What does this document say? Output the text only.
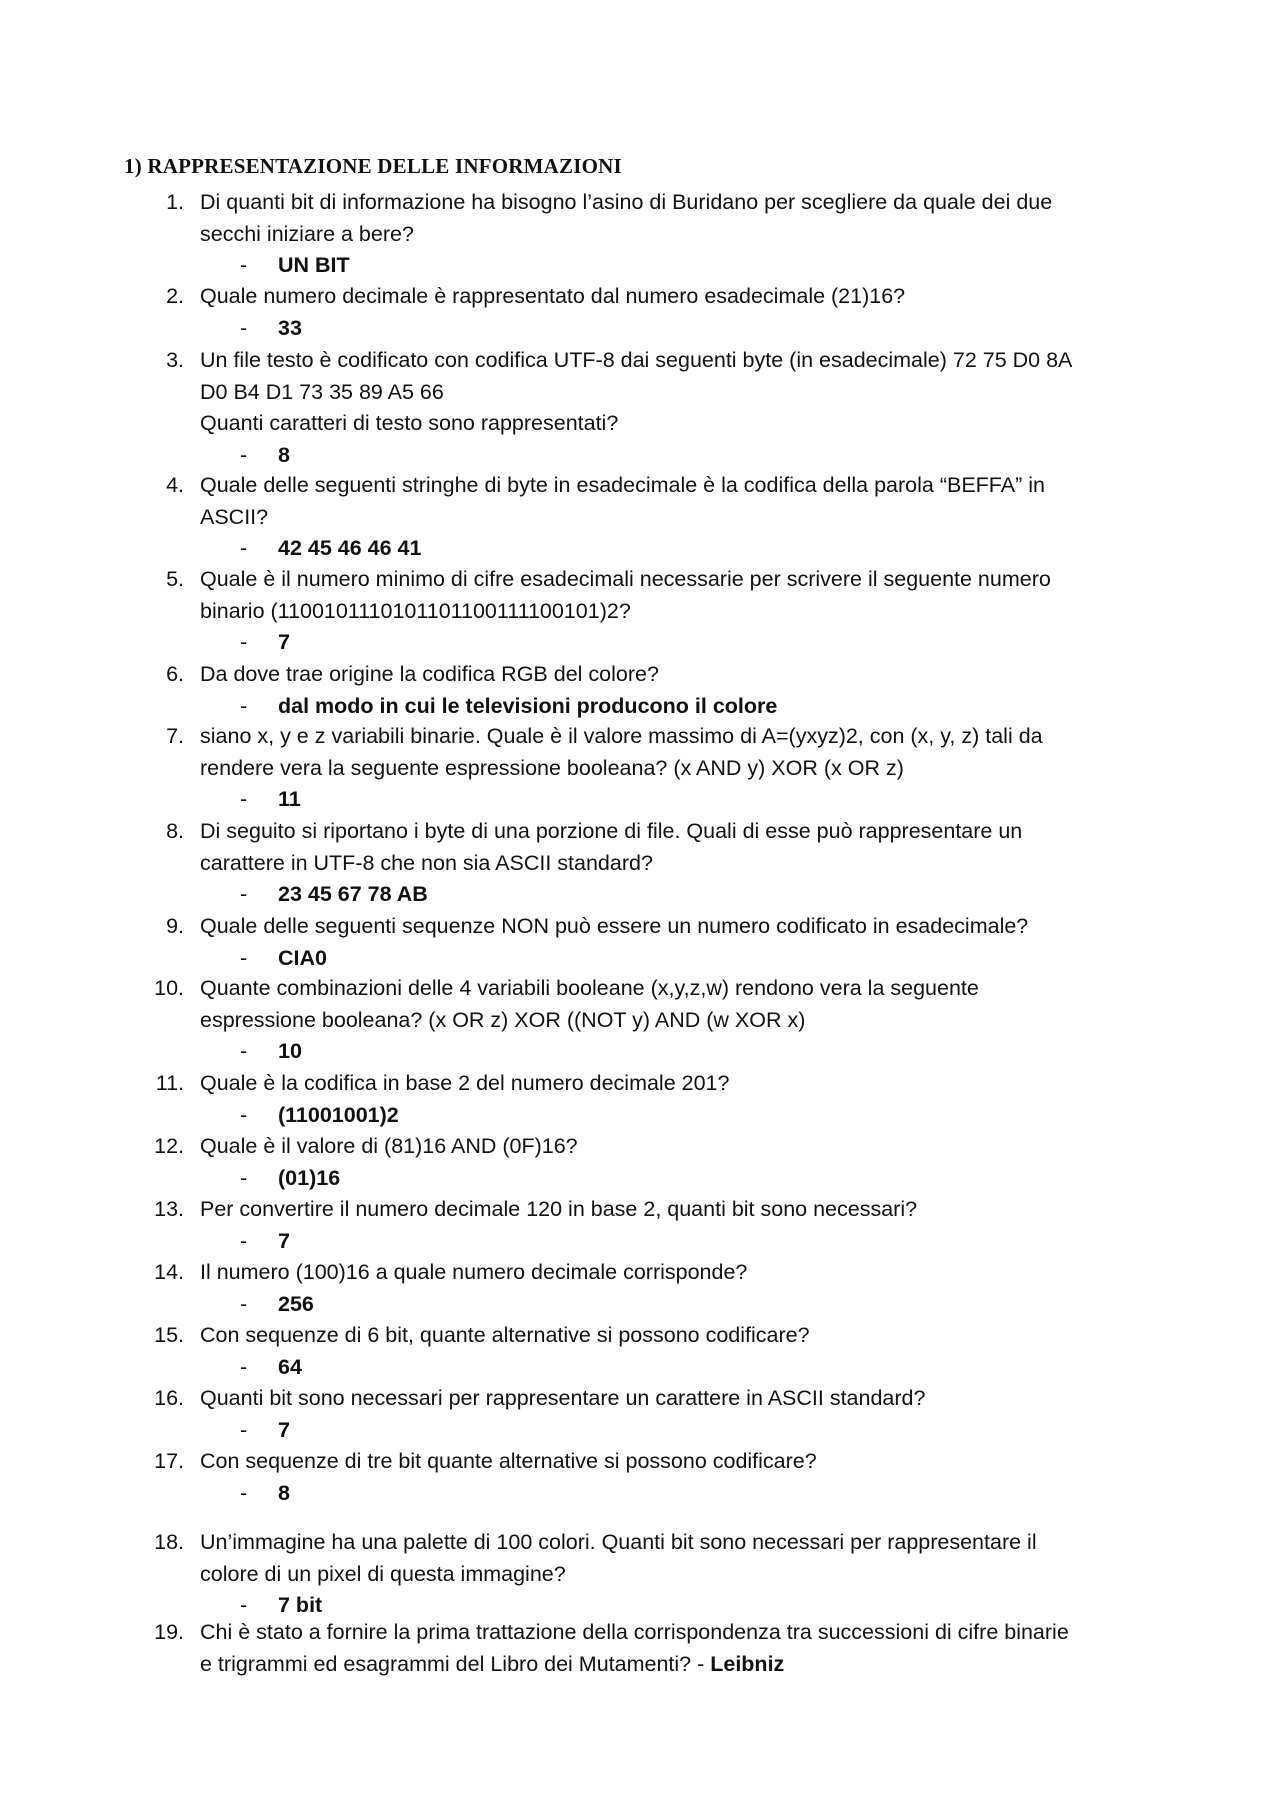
1) RAPPRESENTAZIONE DELLE INFORMAZIONI
1. Di quanti bit di informazione ha bisogno l’asino di Buridano per scegliere da quale dei due
secchi iniziare a bere?
- UN BIT
2. Quale numero decimale è rappresentato dal numero esadecimale (21)16?
- 33
3. Un file testo è codificato con codifica UTF-8 dai seguenti byte (in esadecimale) 72 75 D0 8A
D0 B4 D1 73 35 89 A5 66
Quanti caratteri di testo sono rappresentati?
- 8
4. Quale delle seguenti stringhe di byte in esadecimale è la codifica della parola “BEFFA” in
ASCII?
- 42 45 46 46 41
5. Quale è il numero minimo di cifre esadecimali necessarie per scrivere il seguente numero
binario (1100101110101101100111100101)2?
- 7
6. Da dove trae origine la codifica RGB del colore?
- dal modo in cui le televisioni producono il colore
7. siano x, y e z variabili binarie. Quale è il valore massimo di A=(yxyz)2, con (x, y, z) tali da
rendere vera la seguente espressione booleana? (x AND y) XOR (x OR z)
- 11
8. Di seguito si riportano i byte di una porzione di file. Quali di esse può rappresentare un
carattere in UTF-8 che non sia ASCII standard?
- 23 45 67 78 AB
9. Quale delle seguenti sequenze NON può essere un numero codificato in esadecimale?
- CIA0
10. Quante combinazioni delle 4 variabili booleane (x,y,z,w) rendono vera la seguente
espressione booleana? (x OR z) XOR ((NOT y) AND (w XOR x)
- 10
11. Quale è la codifica in base 2 del numero decimale 201?
- (11001001)2
12. Quale è il valore di (81)16 AND (0F)16?
- (01)16
13. Per convertire il numero decimale 120 in base 2, quanti bit sono necessari?
- 7
14. Il numero (100)16 a quale numero decimale corrisponde?
- 256
15. Con sequenze di 6 bit, quante alternative si possono codificare?
- 64
16. Quanti bit sono necessari per rappresentare un carattere in ASCII standard?
- 7
17. Con sequenze di tre bit quante alternative si possono codificare?
- 8
18. Un’immagine ha una palette di 100 colori. Quanti bit sono necessari per rappresentare il
colore di un pixel di questa immagine?
- 7 bit
19. Chi è stato a fornire la prima trattazione della corrispondenza tra successioni di cifre binarie
e trigrammi ed esagrammi del Libro dei Mutamenti? - Leibniz
